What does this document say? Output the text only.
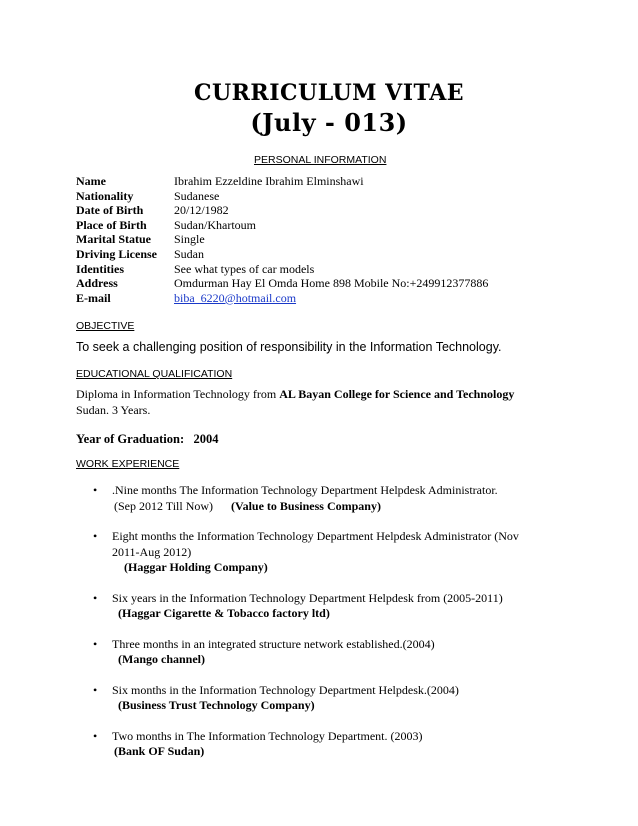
CURRICULUM VITAE
(July - 013)

PERSONAL INFORMATION

Name	Ibrahim Ezzeldine Ibrahim Elminshawi
Nationality	Sudanese
Date of Birth	20/12/1982
Place of Birth	Sudan/Khartoum
Marital Statue	Single
Driving License	Sudan
Identities	See what types of car models
Address	Omdurman Hay El Omda Home 898 Mobile No:+249912377886
E-mail	biba_6220@hotmail.com

OBJECTIVE

To seek a challenging position of responsibility in the Information Technology.

EDUCATIONAL QUALIFICATION

Diploma in Information Technology from AL Bayan College for Science and Technology
Sudan. 3 Years.

Year of Graduation:   2004

WORK EXPERIENCE

• .Nine months The Information Technology Department Helpdesk Administrator.
(Sep 2012 Till Now) (Value to Business Company)
• Eight months the Information Technology Department Helpdesk Administrator (Nov
2011-Aug 2012)
(Haggar Holding Company)
• Six years in the Information Technology Department Helpdesk from (2005-2011)
(Haggar Cigarette & Tobacco factory ltd)
• Three months in an integrated structure network established.(2004)
(Mango channel)
• Six months in the Information Technology Department Helpdesk.(2004)
(Business Trust Technology Company)
• Two months in The Information Technology Department. (2003)
(Bank OF Sudan)
